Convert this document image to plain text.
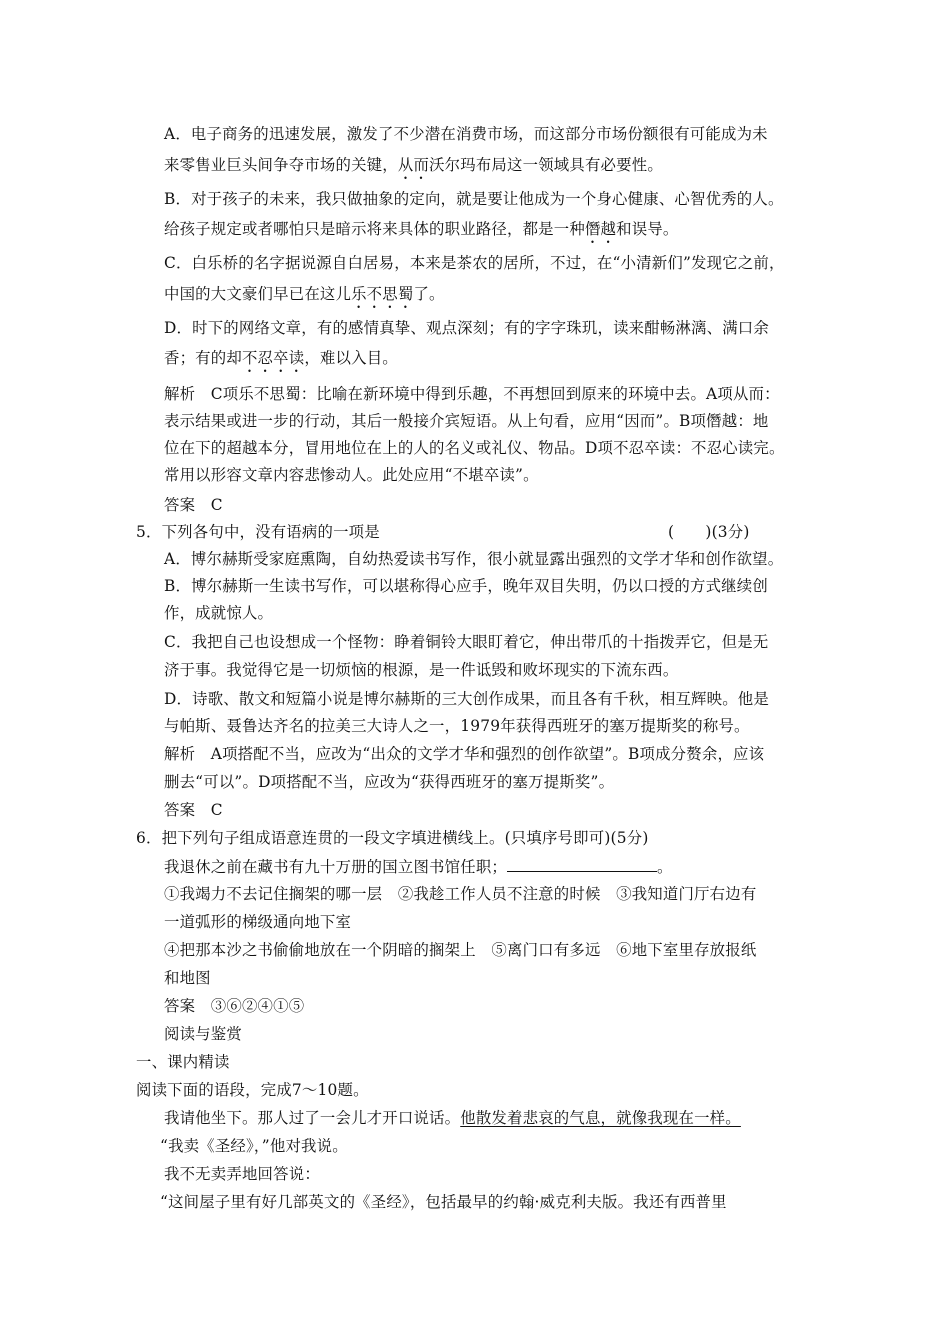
A．电子商务的迅速发展，激发了不少潜在消费市场，而这部分市场份额很有可能成为未
来零售业巨头间争夺市场的关键，从而沃尔玛布局这一领域具有必要性。
B．对于孩子的未来，我只做抽象的定向，就是要让他成为一个身心健康、心智优秀的人。
给孩子规定或者哪怕只是暗示将来具体的职业路径，都是一种僭越和误导。
C．白乐桥的名字据说源自白居易，本来是茶农的居所，不过，在“小清新们”发现它之前，
中国的大文豪们早已在这儿乐不思蜀了。
D．时下的网络文章，有的感情真挚、观点深刻；有的字字珠玑，读来酣畅淋漓、满口余
香；有的却不忍卒读，难以入目。
解析　C项乐不思蜀：比喻在新环境中得到乐趣，不再想回到原来的环境中去。A项从而：
表示结果或进一步的行动，其后一般接介宾短语。从上句看，应用“因而”。B项僭越：地
位在下的超越本分，冒用地位在上的人的名义或礼仪、物品。D项不忍卒读：不忍心读完。
常用以形容文章内容悲惨动人。此处应用“不堪卒读”。
答案　C
5．下列各句中，没有语病的一项是	(　　)(3分)
A．博尔赫斯受家庭熏陶，自幼热爱读书写作，很小就显露出强烈的文学才华和创作欲望。
B．博尔赫斯一生读书写作，可以堪称得心应手，晚年双目失明，仍以口授的方式继续创
作，成就惊人。
C．我把自己也设想成一个怪物：睁着铜铃大眼盯着它，伸出带爪的十指拨弄它，但是无
济于事。我觉得它是一切烦恼的根源，是一件诋毁和败坏现实的下流东西。
D．诗歌、散文和短篇小说是博尔赫斯的三大创作成果，而且各有千秋，相互辉映。他是
与帕斯、聂鲁达齐名的拉美三大诗人之一，1979年获得西班牙的塞万提斯奖的称号。
解析　A项搭配不当，应改为“出众的文学才华和强烈的创作欲望”。B项成分赘余，应该
删去“可以”。D项搭配不当，应改为“获得西班牙的塞万提斯奖”。
答案　C
6．把下列句子组成语意连贯的一段文字填进横线上。(只填序号即可)(5分)
我退休之前在藏书有九十万册的国立图书馆任职；	。
①我竭力不去记住搁架的哪一层　②我趁工作人员不注意的时候　③我知道门厅右边有
一道弧形的梯级通向地下室
④把那本沙之书偷偷地放在一个阴暗的搁架上　⑤离门口有多远　⑥地下室里存放报纸
和地图
答案　③⑥②④①⑤
阅读与鉴赏
一、课内精读
阅读下面的语段，完成7～10题。
我请他坐下。那人过了一会儿才开口说话。他散发着悲哀的气息，就像我现在一样。
“我卖《圣经》，”他对我说。
我不无卖弄地回答说：
“这间屋子里有好几部英文的《圣经》，包括最早的约翰·威克利夫版。我还有西普里
